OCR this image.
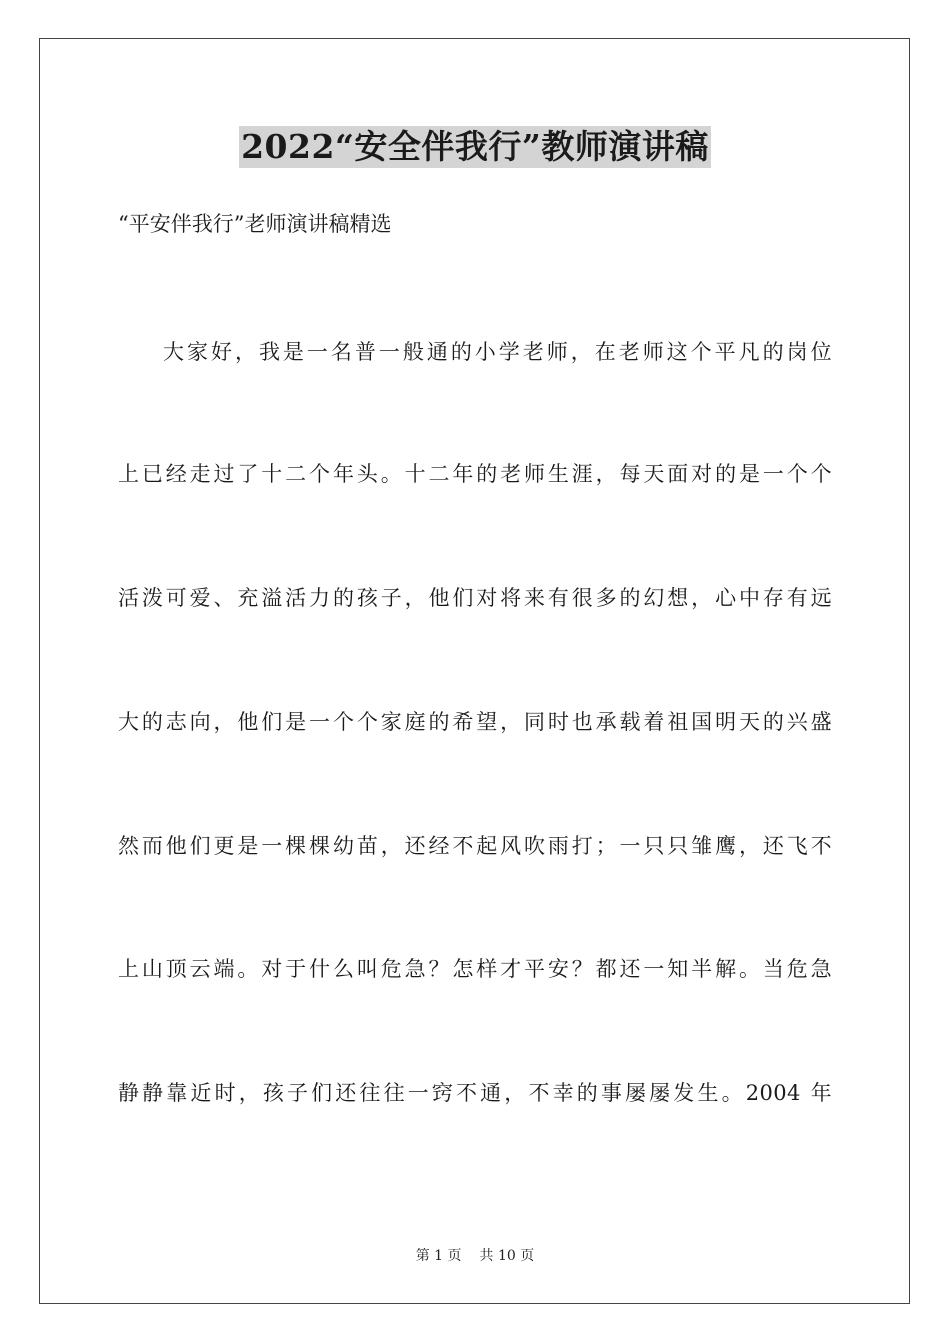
2022“安全伴我行”教师演讲稿
“平安伴我行”老师演讲稿精选
大家好，我是一名普一般通的小学老师，在老师这个平凡的岗位
上已经走过了十二个年头。十二年的老师生涯，每天面对的是一个个
活泼可爱、充溢活力的孩子，他们对将来有很多的幻想，心中存有远
大的志向，他们是一个个家庭的希望，同时也承载着祖国明天的兴盛
然而他们更是一棵棵幼苗，还经不起风吹雨打；一只只雏鹰，还飞不
上山顶云端。对于什么叫危急？怎样才平安？都还一知半解。当危急
静静靠近时，孩子们还往往一窍不通，不幸的事屡屡发生。2004 年
第 1 页 共 10 页
